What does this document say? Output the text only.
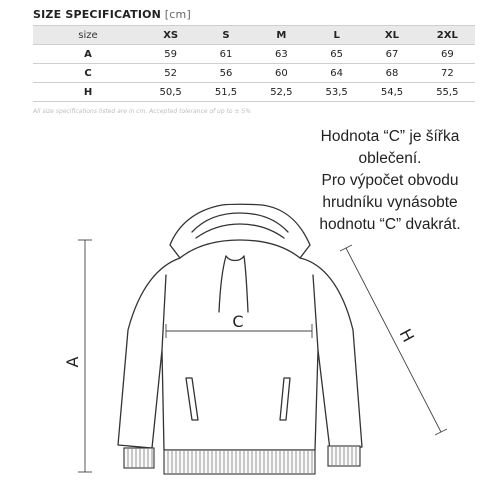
SIZE SPECIFICATION [cm]
size	XS	S	M	L	XL	2XL
A	59	61	63	65	67	69
C	52	56	60	64	68	72
H	50,5	51,5	52,5	53,5	54,5	55,5
All size specifications listed are in cm. Accepted tolerance of up to ± 5%
Hodnota “C” je šířka
oblečení.
Pro výpočet obvodu
hrudníku vynásobte
hodnotu “C” dvakrát.
A
C
H
